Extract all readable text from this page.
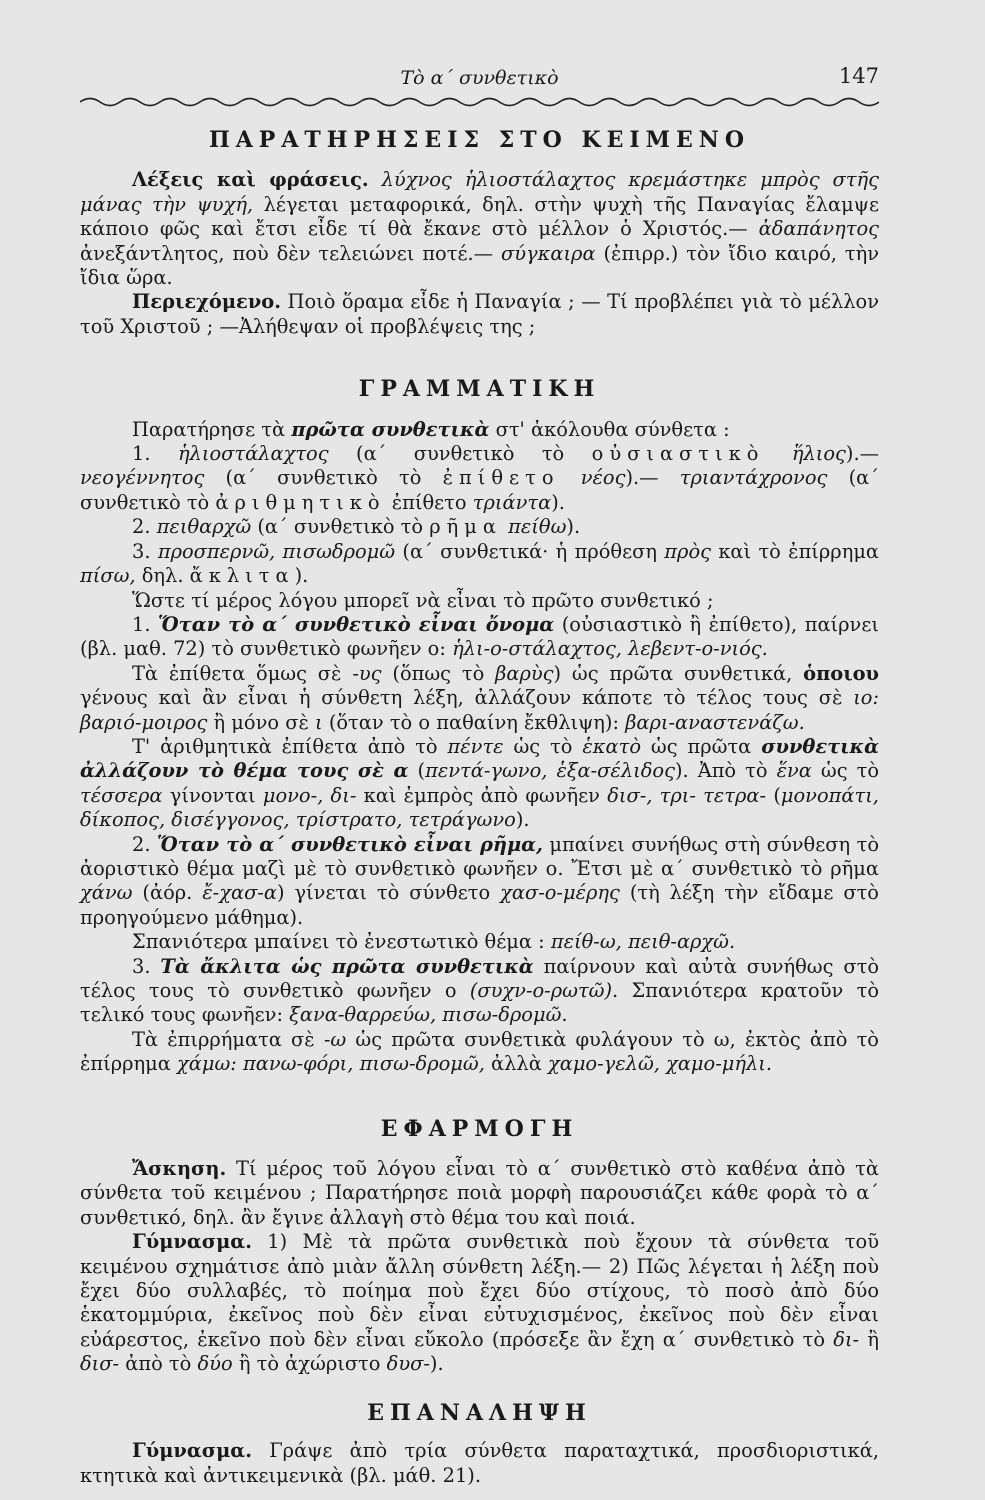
Τὸ α΄ συνθετικὸ	147
ΠΑΡΑΤΗΡΗΣΕΙΣ ΣΤΟ ΚΕΙΜΕΝΟ

Λέξεις καὶ φράσεις. λύχνος ἡλιοστάλαχτος κρεμάστηκε μπρὸς στῆς μάνας τὴν ψυχή, λέγεται μεταφορικά, δηλ. στὴν ψυχὴ τῆς Παναγίας ἔλαμψε κάποιο φῶς καὶ ἔτσι εἶδε τί θὰ ἔκανε στὸ μέλλον ὁ Χριστός.— ἀδαπάνητος ἀνεξάντλητος, ποὺ δὲν τελειώνει ποτέ.— σύγκαιρα (ἐπιρρ.) τὸν ἴδιο καιρό, τὴν ἴδια ὥρα.

Περιεχόμενο. Ποιὸ ὅραμα εἶδε ἡ Παναγία ; — Τί προβλέπει γιὰ τὸ μέλλον τοῦ Χριστοῦ ; —Ἀλήθεψαν οἱ προβλέψεις της ;

ΓΡΑΜΜΑΤΙΚΗ

Παρατήρησε τὰ πρῶτα συνθετικὰ στ' ἀκόλουθα σύνθετα :

1. ἡλιοστάλαχτος (α΄ συνθετικὸ τὸ οὐσιαστικὸ ἥλιος).— νεογέννητος (α΄ συνθετικὸ τὸ ἐπίθετο νέος).— τριαντάχρονος (α΄ συνθετικὸ τὸ ἀριθμητικὸ ἐπίθετο τριάντα).

2. πειθαρχῶ (α΄ συνθετικὸ τὸ ρῆμα πείθω).

3. προσπερνῶ, πισωδρομῶ (α΄ συνθετικά· ἡ πρόθεση πρὸς καὶ τὸ ἐπίρρημα πίσω, δηλ. ἄκλιτα).

Ὥστε τί μέρος λόγου μπορεῖ νὰ εἶναι τὸ πρῶτο συνθετικό ;

1. Ὅταν τὸ α΄ συνθετικὸ εἶναι ὄνομα (οὐσιαστικὸ ἢ ἐπίθετο), παίρνει (βλ. μαθ. 72) τὸ συνθετικὸ φωνῆεν ο: ἡλι-ο-στάλαχτος, λεβεντ-ο-νιός.

Τὰ ἐπίθετα ὅμως σὲ -υς (ὅπως τὸ βαρὺς) ὡς πρῶτα συνθετικά, ὁποιου γένους καὶ ἂν εἶναι ἡ σύνθετη λέξη, ἀλλάζουν κάποτε τὸ τέλος τους σὲ ιο: βαριό-μοιρος ἢ μόνο σὲ ι (ὅταν τὸ ο παθαίνη ἔκθλιψη): βαρι-αναστενάζω.

Τ' ἀριθμητικὰ ἐπίθετα ἀπὸ τὸ πέντε ὡς τὸ ἑκατὸ ὡς πρῶτα συνθετικὰ ἀλλάζουν τὸ θέμα τους σὲ α (πεντά-γωνο, ἑξα-σέλιδος). Ἀπὸ τὸ ἕνα ὡς τὸ τέσσερα γίνονται μονο-, δι- καὶ ἐμπρὸς ἀπὸ φωνῆεν δισ-, τρι- τετρα- (μονοπάτι, δίκοπος, δισέγγονος, τρίστρατο, τετράγωνο).

2. Ὅταν τὸ α΄ συνθετικὸ εἶναι ρῆμα, μπαίνει συνήθως στὴ σύνθεση τὸ ἀοριστικὸ θέμα μαζὶ μὲ τὸ συνθετικὸ φωνῆεν ο. Ἔτσι μὲ α΄ συνθετικὸ τὸ ρῆμα χάνω (ἀόρ. ἔ-χασ-α) γίνεται τὸ σύνθετο χασ-ο-μέρης (τὴ λέξη τὴν εἴδαμε στὸ προηγούμενο μάθημα).

Σπανιότερα μπαίνει τὸ ἐνεστωτικὸ θέμα : πείθ-ω, πειθ-αρχῶ.

3. Τὰ ἄκλιτα ὡς πρῶτα συνθετικὰ παίρνουν καὶ αὐτὰ συνήθως στὸ τέλος τους τὸ συνθετικὸ φωνῆεν ο (συχν-ο-ρωτῶ). Σπανιότερα κρατοῦν τὸ τελικό τους φωνῆεν: ξανα-θαρρεύω, πισω-δρομῶ.

Τὰ ἐπιρρήματα σὲ -ω ὡς πρῶτα συνθετικὰ φυλάγουν τὸ ω, ἐκτὸς ἀπὸ τὸ ἐπίρρημα χάμω: πανω-φόρι, πισω-δρομῶ, ἀλλὰ χαμο-γελῶ, χαμο-μήλι.

ΕΦΑΡΜΟΓΗ

Ἄσκηση. Τί μέρος τοῦ λόγου εἶναι τὸ α΄ συνθετικὸ στὸ καθένα ἀπὸ τὰ σύνθετα τοῦ κειμένου ; Παρατήρησε ποιὰ μορφὴ παρουσιάζει κάθε φορὰ τὸ α΄ συνθετικό, δηλ. ἂν ἔγινε ἀλλαγὴ στὸ θέμα του καὶ ποιά.

Γύμνασμα. 1) Μὲ τὰ πρῶτα συνθετικὰ ποὺ ἔχουν τὰ σύνθετα τοῦ κειμένου σχημάτισε ἀπὸ μιὰν ἄλλη σύνθετη λέξη.— 2) Πῶς λέγεται ἡ λέξη ποὺ ἔχει δύο συλλαβές, τὸ ποίημα ποὺ ἔχει δύο στίχους, τὸ ποσὸ ἀπὸ δύο ἑκατομμύρια, ἐκεῖνος ποὺ δὲν εἶναι εὐτυχισμένος, ἐκεῖνος ποὺ δὲν εἶναι εὐάρεστος, ἐκεῖνο ποὺ δὲν εἶναι εὔκολο (πρόσεξε ἂν ἔχη α΄ συνθετικὸ τὸ δι- ἢ δισ- ἀπὸ τὸ δύο ἢ τὸ ἀχώριστο δυσ-).

ΕΠΑΝΑΛΗΨΗ

Γύμνασμα. Γράψε ἀπὸ τρία σύνθετα παραταχτικά, προσδιοριστικά, κτητικὰ καὶ ἀντικειμενικὰ (βλ. μάθ. 21).
